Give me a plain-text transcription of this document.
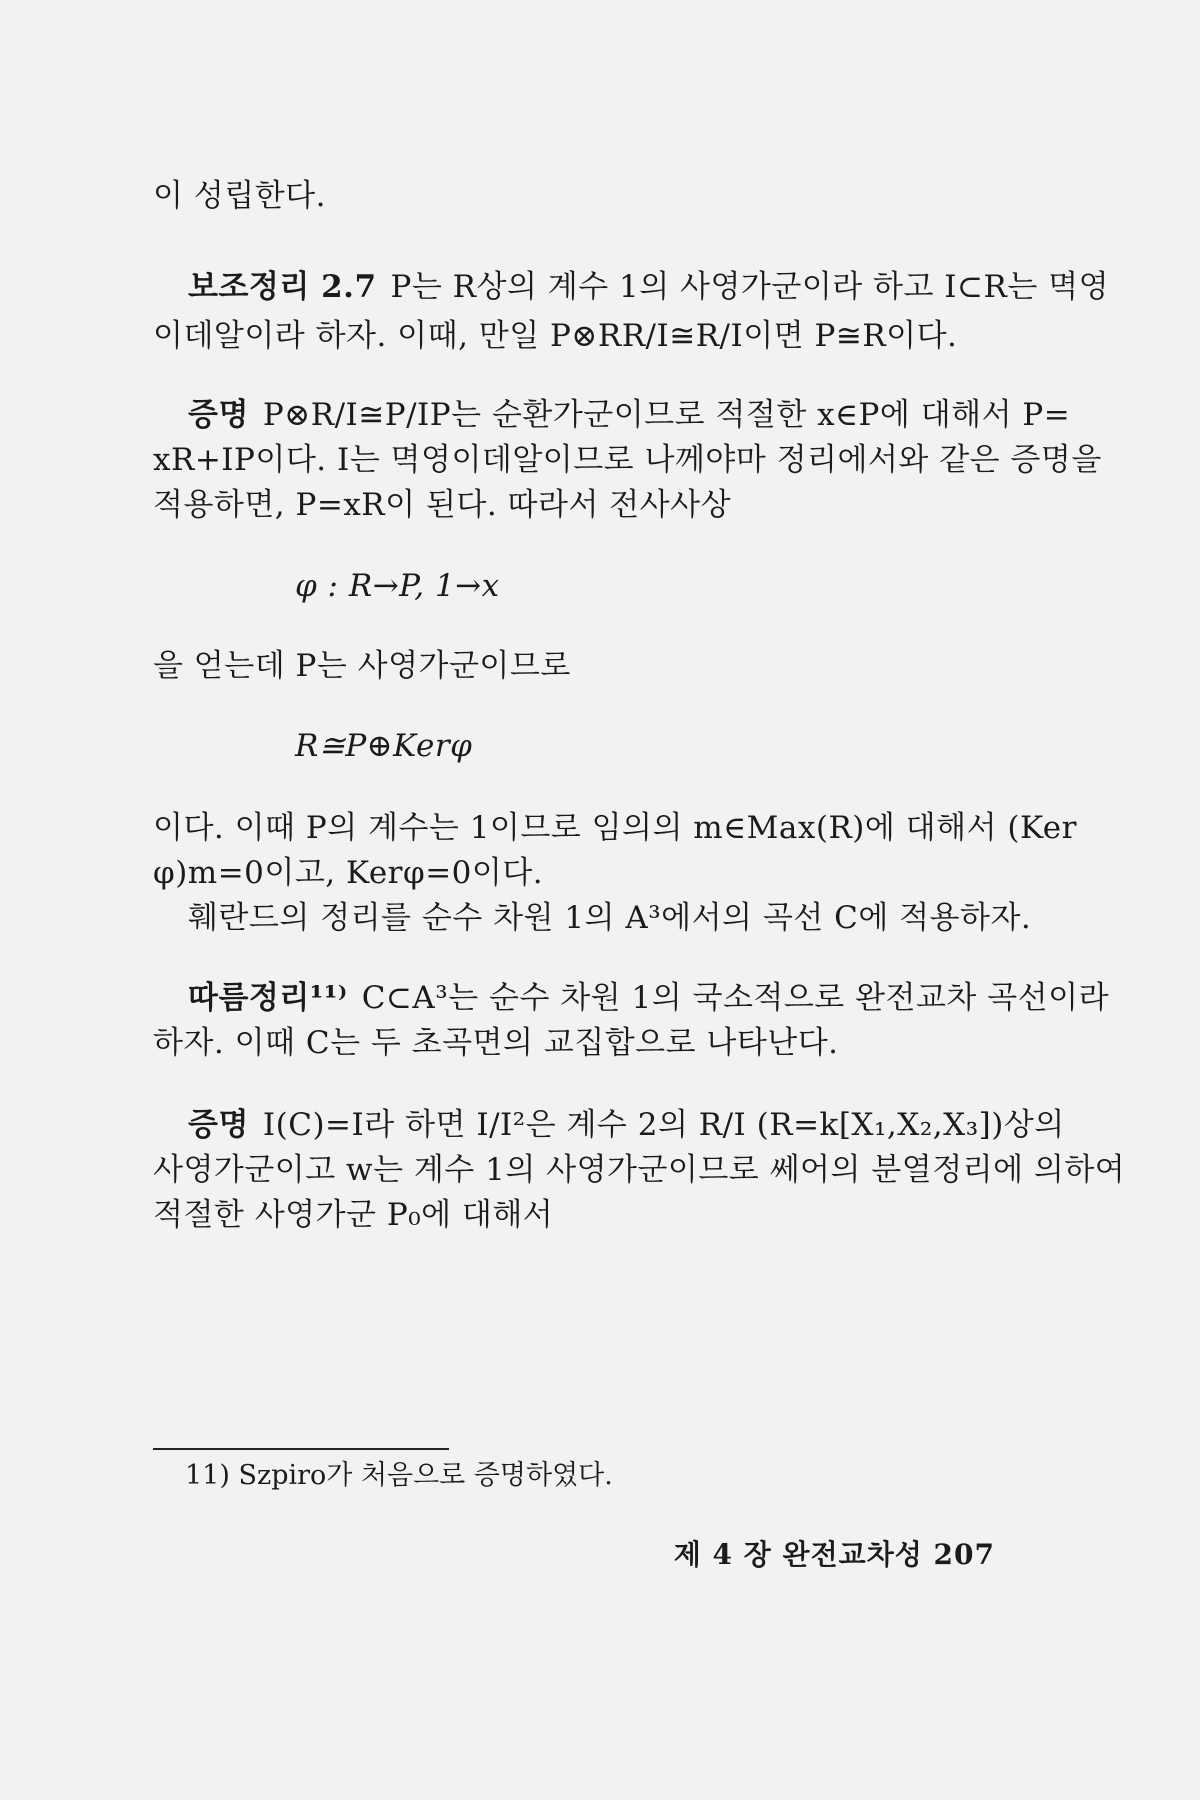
이 성립한다.
보조정리 2.7 P는 R상의 계수 1의 사영가군이라 하고 I⊂R는 멱영
이데알이라 하자. 이때, 만일 P⊗RR/I≅R/I이면 P≅R이다.
증명 P⊗R/I≅P/IP는 순환가군이므로 적절한 x∈P에 대해서 P=
xR+IP이다. I는 멱영이데알이므로 나께야마 정리에서와 같은 증명을
적용하면, P=xR이 된다. 따라서 전사사상
φ : R→P, 1→x
을 얻는데 P는 사영가군이므로
R≅P⊕Kerφ
이다. 이때 P의 계수는 1이므로 임의의 m∈Max(R)에 대해서 (Ker
φ)m=0이고, Kerφ=0이다.
훼란드의 정리를 순수 차원 1의 A³에서의 곡선 C에 적용하자.
따름정리¹¹⁾ C⊂A³는 순수 차원 1의 국소적으로 완전교차 곡선이라
하자. 이때 C는 두 초곡면의 교집합으로 나타난다.
증명 I(C)=I라 하면 I/I²은 계수 2의 R/I (R=k[X₁,X₂,X₃])상의
사영가군이고 w는 계수 1의 사영가군이므로 쎄어의 분열정리에 의하여
적절한 사영가군 P₀에 대해서
11) Szpiro가 처음으로 증명하였다.
제 4 장 완전교차성 207
